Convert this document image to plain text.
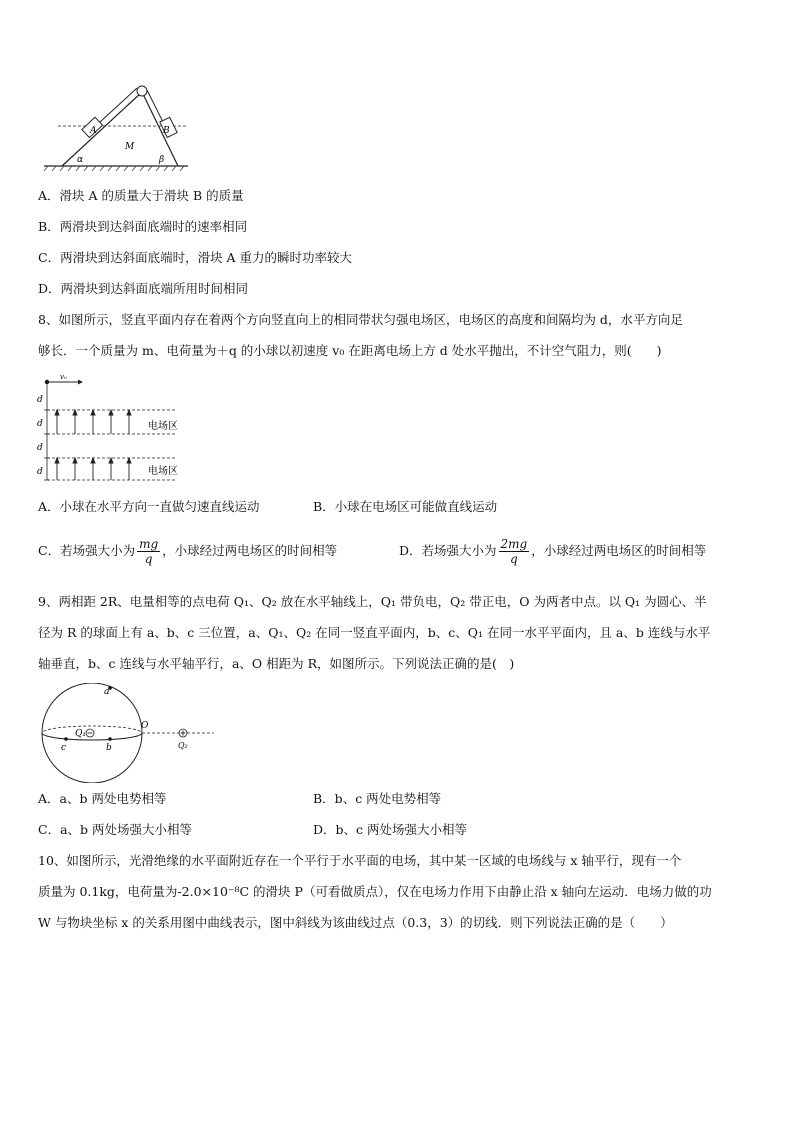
A	B
M
α	β
A．滑块 A 的质量大于滑块 B 的质量
B．两滑块到达斜面底端时的速率相同
C．两滑块到达斜面底端时，滑块 A 重力的瞬时功率较大
D．两滑块到达斜面底端所用时间相同
8、如图所示，竖直平面内存在着两个方向竖直向上的相同带状匀强电场区，电场区的高度和间隔均为 d，水平方向足
够长．一个质量为 m、电荷量为＋q 的小球以初速度 v₀ 在距离电场上方 d 处水平抛出，不计空气阻力，则(　　)
v₀
d
d
d
d
电场区
电场区
A．小球在水平方向一直做匀速直线运动	B．小球在电场区可能做直线运动
C．若场强大小为 $\frac{mg}{q}$ ，小球经过两电场区的时间相等	D．若场强大小为 $\frac{2mg}{q}$ ，小球经过两电场区的时间相等
9、两相距 2R、电量相等的点电荷 Q₁、Q₂ 放在水平轴线上，Q₁ 带负电，Q₂ 带正电，O 为两者中点。以 Q₁ 为圆心、半
径为 R 的球面上有 a、b、c 三位置，a、Q₁、Q₂ 在同一竖直平面内，b、c、Q₁ 在同一水平平面内，且 a、b 连线与水平
轴垂直，b、c 连线与水平轴平行，a、O 相距为 R，如图所示。下列说法正确的是(　)
a
b
c
O
Q₁
Q₂
A．a、b 两处电势相等	B．b、c 两处电势相等
C．a、b 两处场强大小相等	D．b、c 两处场强大小相等
10、如图所示，光滑绝缘的水平面附近存在一个平行于水平面的电场，其中某一区域的电场线与 x 轴平行，现有一个
质量为 0.1kg，电荷量为-2.0×10⁻⁸C 的滑块 P（可看做质点），仅在电场力作用下由静止沿 x 轴向左运动．电场力做的功
W 与物块坐标 x 的关系用图中曲线表示，图中斜线为该曲线过点（0.3，3）的切线．则下列说法正确的是（　　）
